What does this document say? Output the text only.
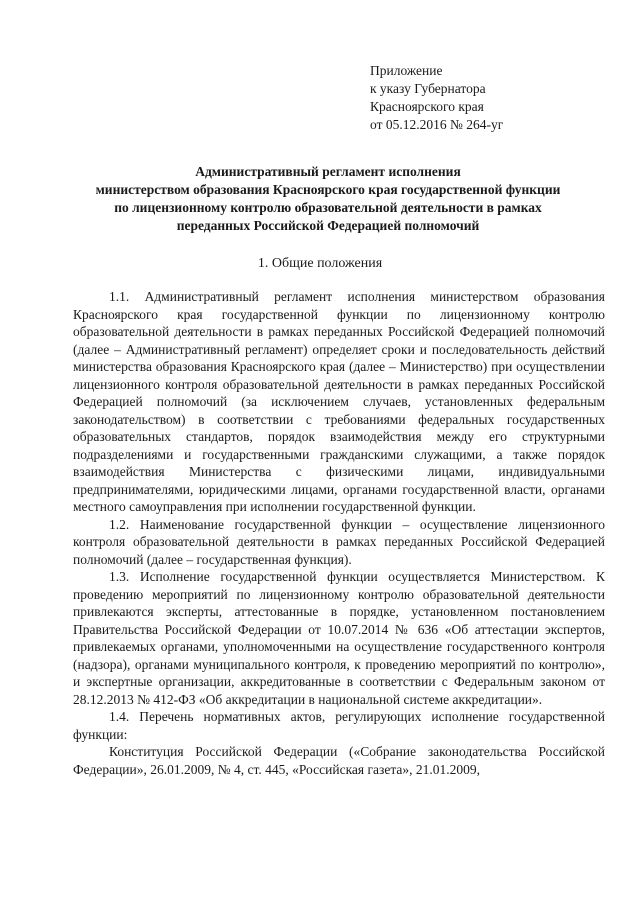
Приложение
к указу Губернатора
Красноярского края
от 05.12.2016 № 264-уг
Административный регламент исполнения
министерством образования Красноярского края государственной функции
по лицензионному контролю образовательной деятельности в рамках
переданных Российской Федерацией полномочий
1. Общие положения

1.1. Административный регламент исполнения министерством образования Красноярского края государственной функции по лицензионному контролю образовательной деятельности в рамках переданных Российской Федерацией полномочий (далее – Административный регламент) определяет сроки и последовательность действий министерства образования Красноярского края (далее – Министерство) при осуществлении лицензионного контроля образовательной деятельности в рамках переданных Российской Федерацией полномочий (за исключением случаев, установленных федеральным законодательством) в соответствии с требованиями федеральных государственных образовательных стандартов, порядок взаимодействия между его структурными подразделениями и государственными гражданскими служащими, а также порядок взаимодействия Министерства с физическими лицами, индивидуальными предпринимателями, юридическими лицами, органами государственной власти, органами местного самоуправления при исполнении государственной функции.

1.2. Наименование государственной функции – осуществление лицензионного контроля образовательной деятельности в рамках переданных Российской Федерацией полномочий (далее – государственная функция).

1.3. Исполнение государственной функции осуществляется Министерством. К проведению мероприятий по лицензионному контролю образовательной деятельности привлекаются эксперты, аттестованные в порядке, установленном постановлением Правительства Российской Федерации от 10.07.2014 № 636 «Об аттестации экспертов, привлекаемых органами, уполномоченными на осуществление государственного контроля (надзора), органами муниципального контроля, к проведению мероприятий по контролю», и экспертные организации, аккредитованные в соответствии с Федеральным законом от 28.12.2013 № 412-ФЗ «Об аккредитации в национальной системе аккредитации».

1.4. Перечень нормативных актов, регулирующих исполнение государственной функции:

Конституция Российской Федерации («Собрание законодательства Российской Федерации», 26.01.2009, № 4, ст. 445, «Российская газета», 21.01.2009,
